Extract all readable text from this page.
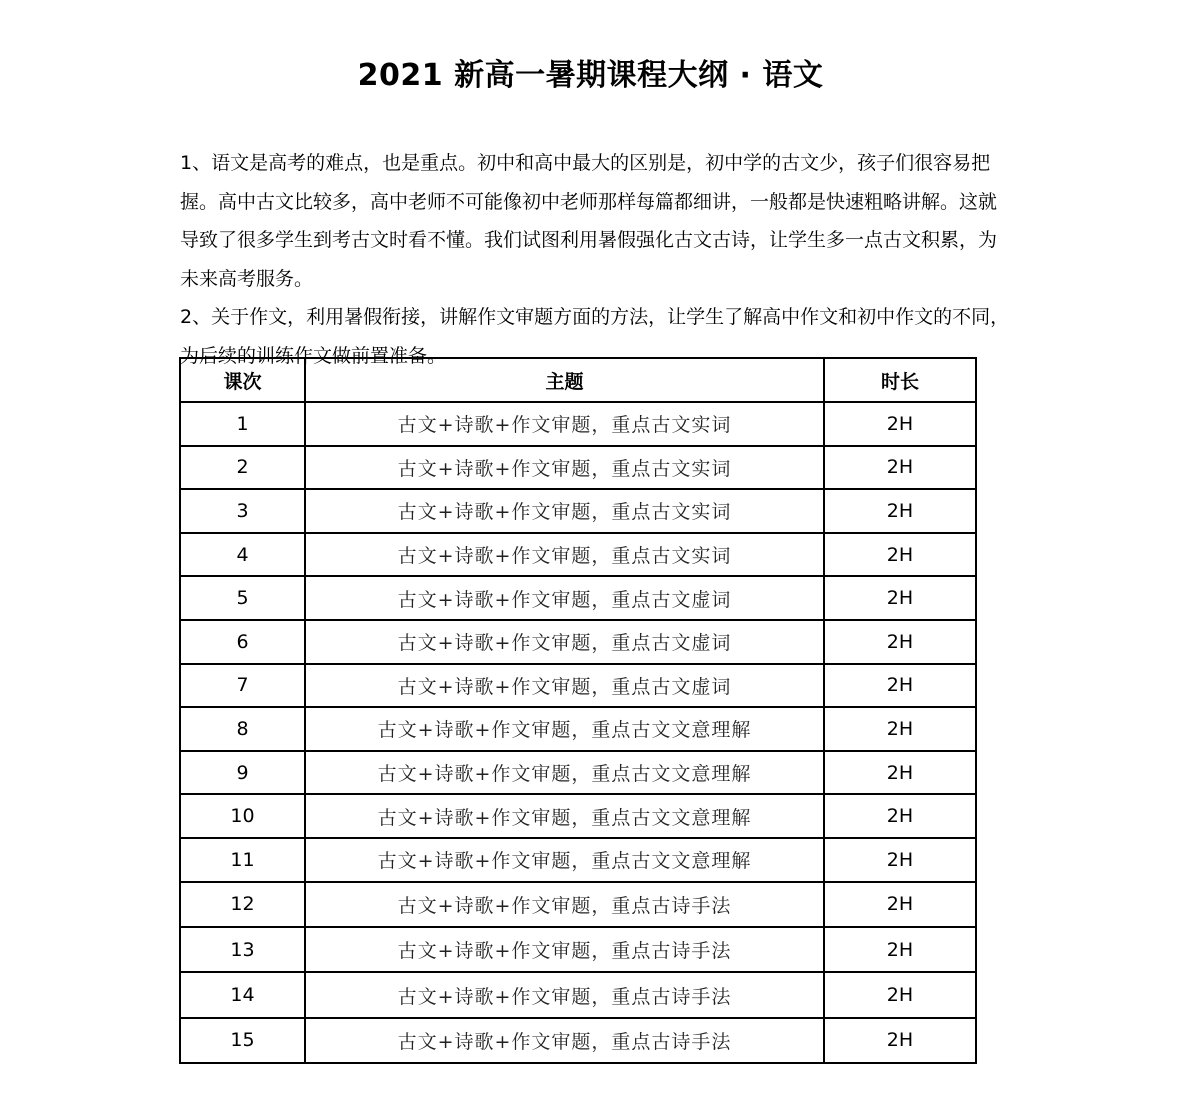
2021 新高一暑期课程大纲 · 语文

1、语文是高考的难点，也是重点。初中和高中最大的区别是，初中学的古文少，孩子们很容易把握。高中古文比较多，高中老师不可能像初中老师那样每篇都细讲，一般都是快速粗略讲解。这就导致了很多学生到考古文时看不懂。我们试图利用暑假强化古文古诗，让学生多一点古文积累，为未来高考服务。

2、关于作文，利用暑假衔接，讲解作文审题方面的方法，让学生了解高中作文和初中作文的不同，为后续的训练作文做前置准备。

课次	主题	时长
1	古文+诗歌+作文审题，重点古文实词	2H
2	古文+诗歌+作文审题，重点古文实词	2H
3	古文+诗歌+作文审题，重点古文实词	2H
4	古文+诗歌+作文审题，重点古文实词	2H
5	古文+诗歌+作文审题，重点古文虚词	2H
6	古文+诗歌+作文审题，重点古文虚词	2H
7	古文+诗歌+作文审题，重点古文虚词	2H
8	古文+诗歌+作文审题，重点古文文意理解	2H
9	古文+诗歌+作文审题，重点古文文意理解	2H
10	古文+诗歌+作文审题，重点古文文意理解	2H
11	古文+诗歌+作文审题，重点古文文意理解	2H
12	古文+诗歌+作文审题，重点古诗手法	2H
13	古文+诗歌+作文审题，重点古诗手法	2H
14	古文+诗歌+作文审题，重点古诗手法	2H
15	古文+诗歌+作文审题，重点古诗手法	2H
